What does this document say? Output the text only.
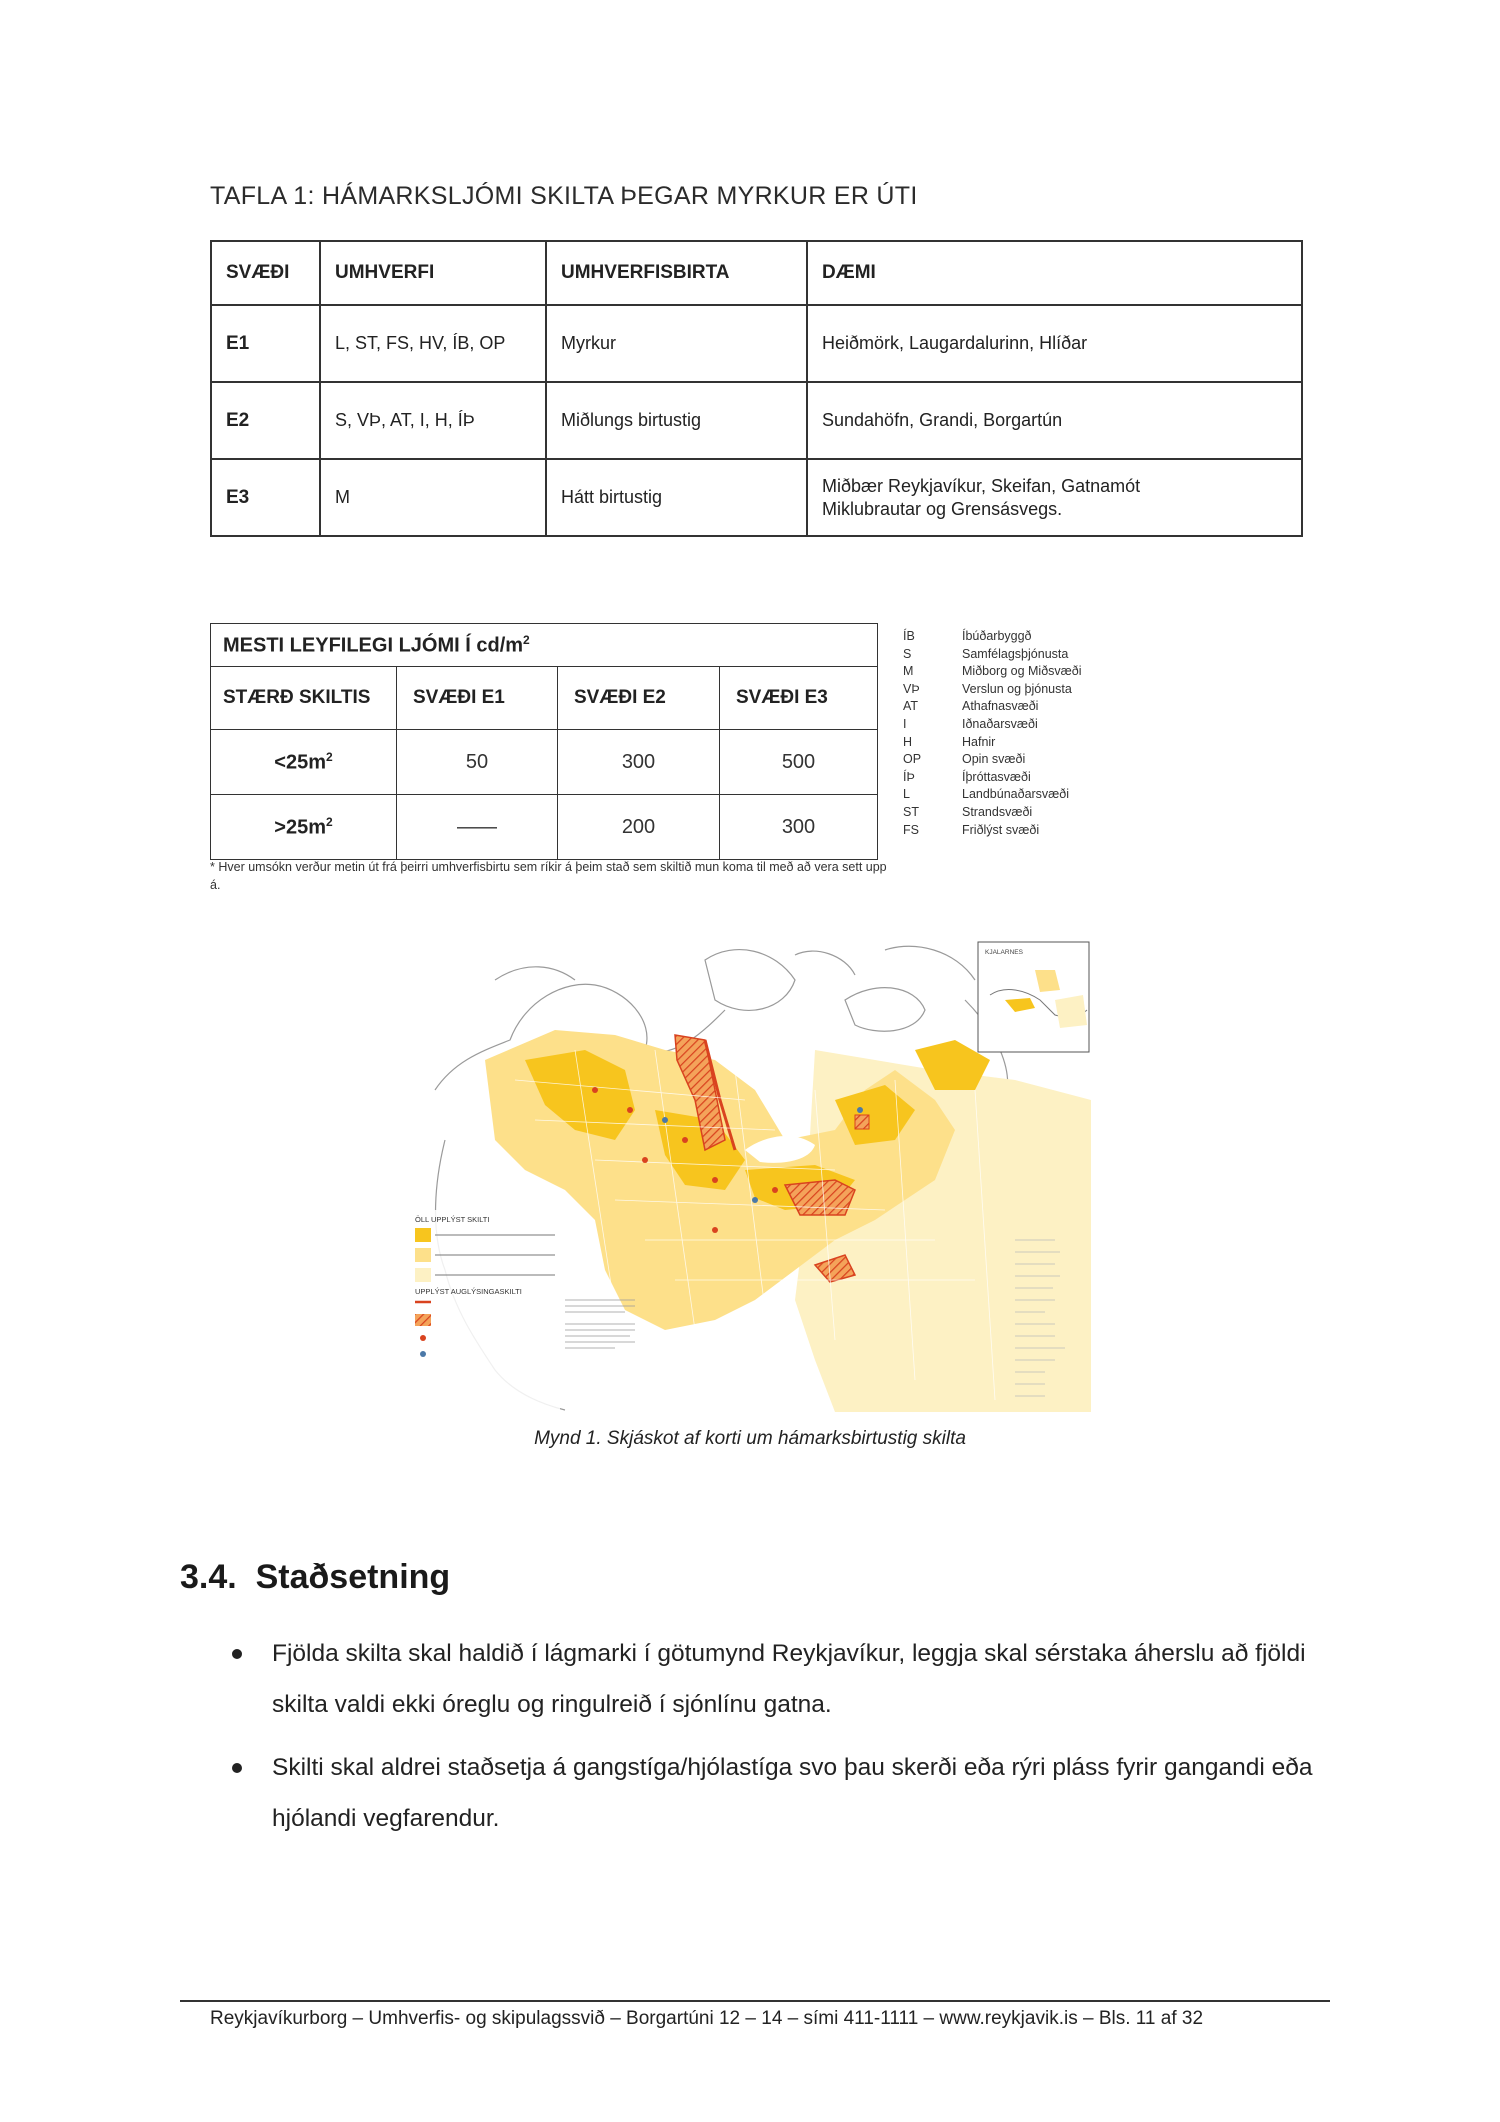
TAFLA 1: HÁMARKSLJÓMI SKILTA ÞEGAR MYRKUR ER ÚTI
SVÆÐI	UMHVERFI	UMHVERFISBIRTA	DÆMI
E1	L, ST, FS, HV, ÍB, OP	Myrkur	Heiðmörk, Laugardalurinn, Hlíðar
E2	S, VÞ, AT, I, H, ÍÞ	Miðlungs birtustig	Sundahöfn, Grandi, Borgartún
E3	M	Hátt birtustig	Miðbær Reykjavíkur, Skeifan, Gatnamót
Miklubrautar og Grensásvegs.
MESTI LEYFILEGI LJÓMI Í $cd/m^2$
STÆRÐ SKILTIS	SVÆÐI E1	SVÆÐI E2	SVÆÐI E3
$<25m^2$	50	300	500
$>25m^2$	——	200	300
* Hver umsókn verður metin út frá þeirri umhverfisbirtu sem ríkir á þeim stað sem skiltið mun koma til með að vera sett upp á.
ÍB	Íbúðarbyggð
S	Samfélagsþjónusta
M	Miðborg og Miðsvæði
VÞ	Verslun og þjónusta
AT	Athafnasvæði
I	Iðnaðarsvæði
H	Hafnir
OP	Opin svæði
ÍÞ	Íþróttasvæði
L	Landbúnaðarsvæði
ST	Strandsvæði
FS	Friðlýst svæði
KJALARNES
ÖLL UPPLÝST SKILTI
UPPLÝST AUGLÝSINGASKILTI
Mynd 1. Skjáskot af korti um hámarksbirtustig skilta
3.4.  Staðsetning
Fjölda skilta skal haldið í lágmarki í götumynd Reykjavíkur, leggja skal sérstaka áherslu að fjöldi skilta valdi ekki óreglu og ringulreið í sjónlínu gatna.
Skilti skal aldrei staðsetja á gangstíga/hjólastíga svo þau skerði eða rýri pláss fyrir gangandi eða hjólandi vegfarendur.
Reykjavíkurborg – Umhverfis- og skipulagssvið – Borgartúni 12 – 14 – sími 411-1111 – www.reykjavik.is – Bls. 11 af 32
